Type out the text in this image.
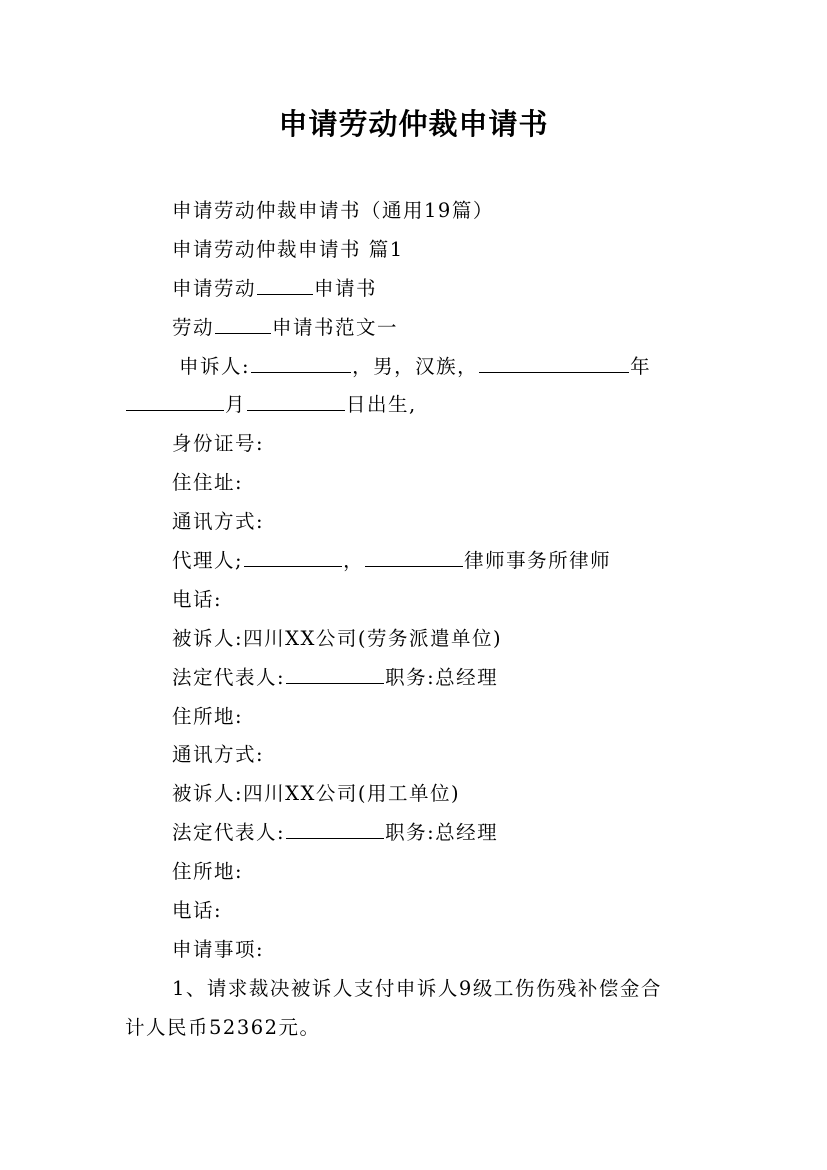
申请劳动仲裁申请书
申请劳动仲裁申请书（通用19篇）
申请劳动仲裁申请书 篇1
申请劳动	申请书
劳动	申请书范文一
申诉人:	，男，汉族，	年
月	日出生,
身份证号:
住住址:
通讯方式:
代理人;	，	律师事务所律师
电话:
被诉人:四川XX公司(劳务派遣单位)
法定代表人:	职务:总经理
住所地:
通讯方式:
被诉人:四川XX公司(用工单位)
法定代表人:	职务:总经理
住所地:
电话:
申请事项:
1、请求裁决被诉人支付申诉人9级工伤伤残补偿金合
计人民币52362元。
